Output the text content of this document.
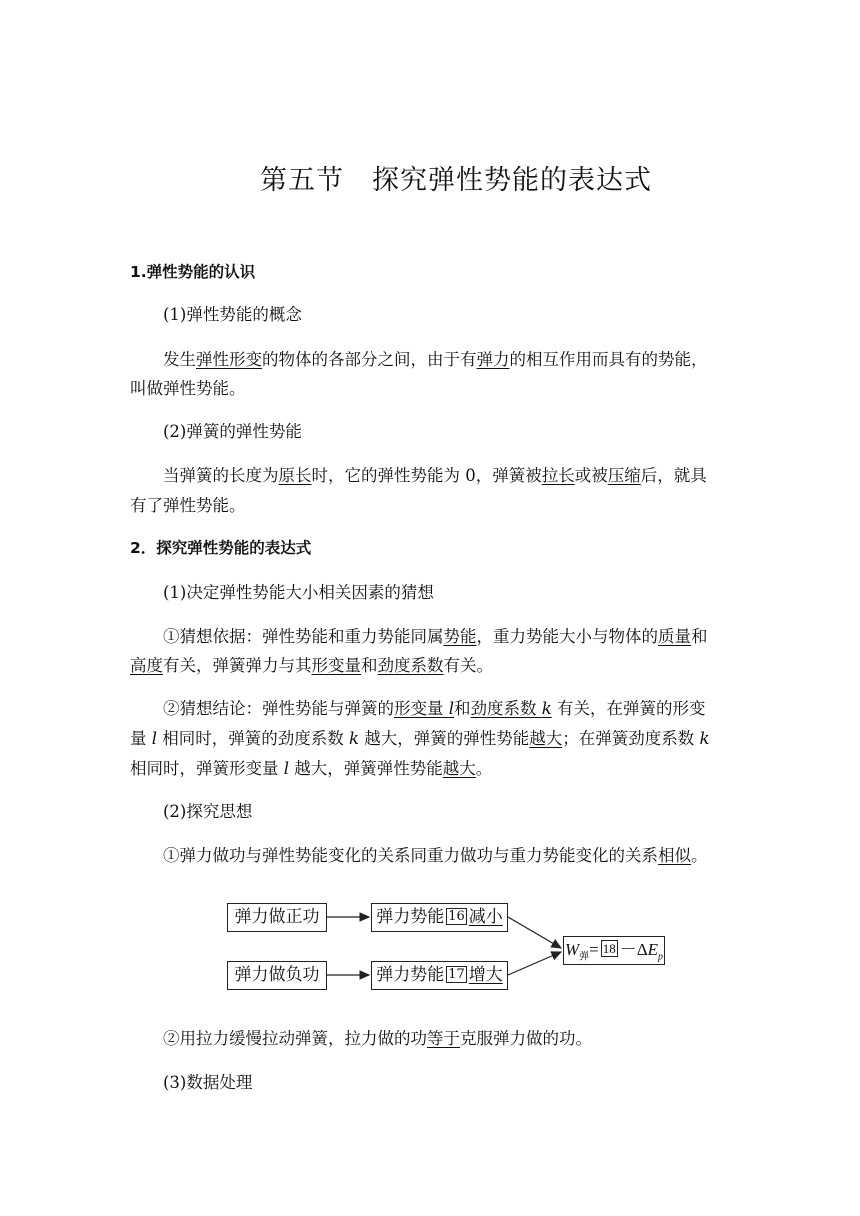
第五节　探究弹性势能的表达式
1.弹性势能的认识
(1)弹性势能的概念
发生弹性形变的物体的各部分之间，由于有弹力的相互作用而具有的势能，
叫做弹性势能。
(2)弹簧的弹性势能
当弹簧的长度为原长时，它的弹性势能为 0，弹簧被拉长或被压缩后，就具
有了弹性势能。
2．探究弹性势能的表达式
(1)决定弹性势能大小相关因素的猜想
①猜想依据：弹性势能和重力势能同属势能，重力势能大小与物体的质量和
高度有关，弹簧弹力与其形变量和劲度系数有关。
②猜想结论：弹性势能与弹簧的形变量 l和劲度系数 k 有关，在弹簧的形变
量 l 相同时，弹簧的劲度系数 k 越大，弹簧的弹性势能越大；在弹簧劲度系数 k
相同时，弹簧形变量 l 越大，弹簧弹性势能越大。
(2)探究思想
①弹力做功与弹性势能变化的关系同重力做功与重力势能变化的关系相似。
弹力做正功
弹力做负功
弹力势能 16 减小
弹力势能 17 增大
$W_弹= 18 -\Delta E_p$
②用拉力缓慢拉动弹簧，拉力做的功等于克服弹力做的功。
(3)数据处理
